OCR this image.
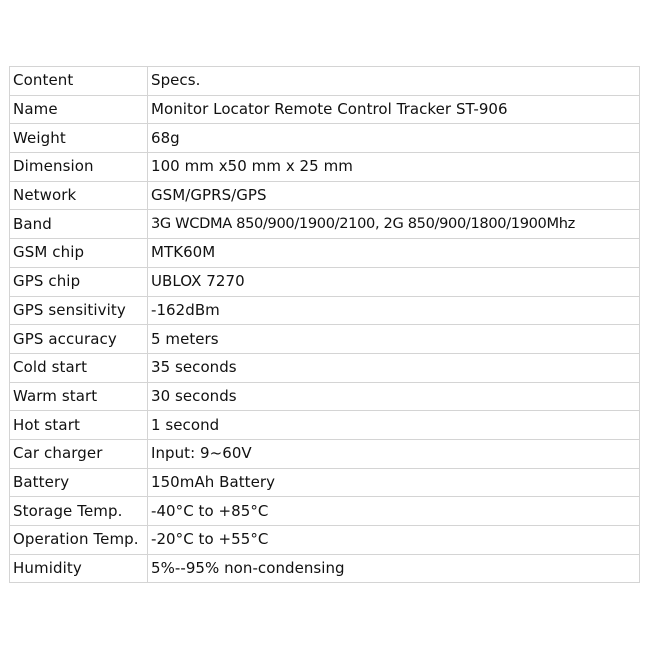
Content	Specs.
Name	Monitor Locator Remote Control Tracker ST-906
Weight	68g
Dimension	100 mm x50 mm x 25 mm
Network	GSM/GPRS/GPS
Band	3G WCDMA 850/900/1900/2100, 2G 850/900/1800/1900Mhz
GSM chip	MTK60M
GPS chip	UBLOX 7270
GPS sensitivity	-162dBm
GPS accuracy	5 meters
Cold start	35 seconds
Warm start	30 seconds
Hot start	1 second
Car charger	Input: 9~60V
Battery	150mAh Battery
Storage Temp.	-40°C to +85°C
Operation Temp.	-20°C to +55°C
Humidity	5%--95% non-condensing
